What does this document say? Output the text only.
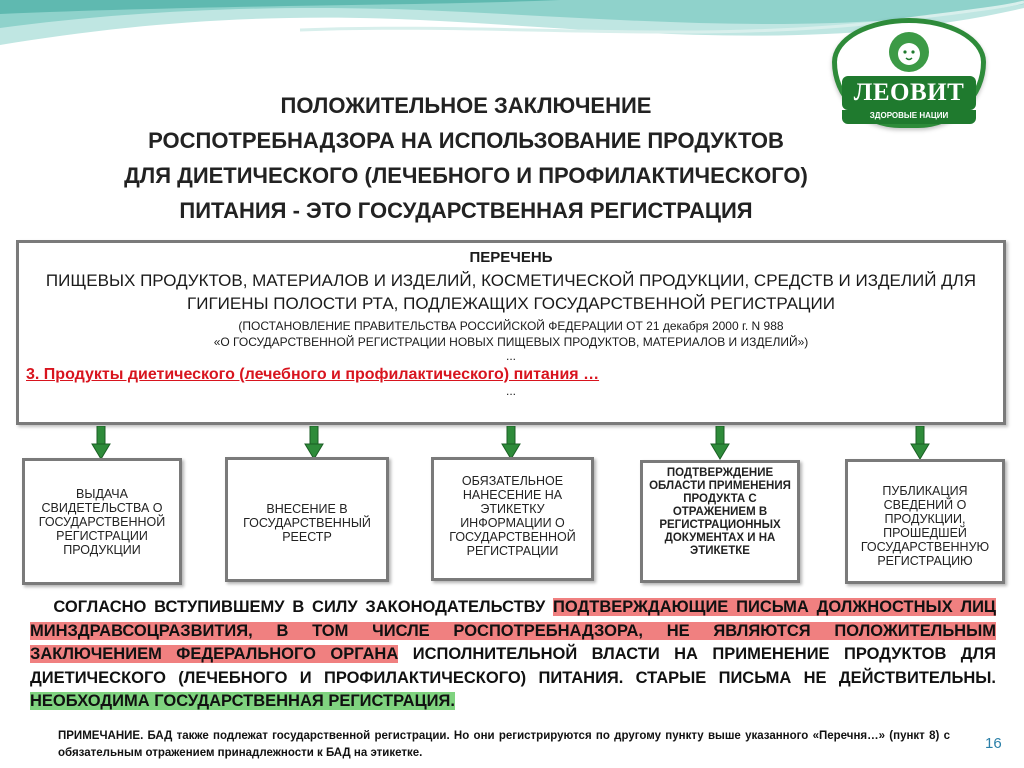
ЛЕОВИТ
ЗДОРОВЫЕ НАЦИИ
ПОЛОЖИТЕЛЬНОЕ ЗАКЛЮЧЕНИЕ
РОСПОТРЕБНАДЗОРА НА ИСПОЛЬЗОВАНИЕ ПРОДУКТОВ
ДЛЯ ДИЕТИЧЕСКОГО (ЛЕЧЕБНОГО И ПРОФИЛАКТИЧЕСКОГО)
ПИТАНИЯ - ЭТО ГОСУДАРСТВЕННАЯ РЕГИСТРАЦИЯ
ПЕРЕЧЕНЬ
ПИЩЕВЫХ ПРОДУКТОВ, МАТЕРИАЛОВ И ИЗДЕЛИЙ, КОСМЕТИЧЕСКОЙ ПРОДУКЦИИ, СРЕДСТВ И ИЗДЕЛИЙ ДЛЯ ГИГИЕНЫ ПОЛОСТИ РТА, ПОДЛЕЖАЩИХ ГОСУДАРСТВЕННОЙ РЕГИСТРАЦИИ
(ПОСТАНОВЛЕНИЕ ПРАВИТЕЛЬСТВА РОССИЙСКОЙ ФЕДЕРАЦИИ ОТ 21 декабря 2000 г. N 988
«О ГОСУДАРСТВЕННОЙ РЕГИСТРАЦИИ НОВЫХ ПИЩЕВЫХ ПРОДУКТОВ, МАТЕРИАЛОВ И ИЗДЕЛИЙ»)
...
3. Продукты диетического (лечебного и профилактического) питания …
...
ВЫДАЧА СВИДЕТЕЛЬСТВА О ГОСУДАРСТВЕННОЙ РЕГИСТРАЦИИ ПРОДУКЦИИ
ВНЕСЕНИЕ В ГОСУДАРСТВЕННЫЙ РЕЕСТР
ОБЯЗАТЕЛЬНОЕ НАНЕСЕНИЕ НА ЭТИКЕТКУ ИНФОРМАЦИИ О ГОСУДАРСТВЕННОЙ РЕГИСТРАЦИИ
ПОДТВЕРЖДЕНИЕ ОБЛАСТИ ПРИМЕНЕНИЯ ПРОДУКТА С ОТРАЖЕНИЕМ В РЕГИСТРАЦИОННЫХ ДОКУМЕНТАХ И НА ЭТИКЕТКЕ
ПУБЛИКАЦИЯ СВЕДЕНИЙ О ПРОДУКЦИИ, ПРОШЕДШЕЙ ГОСУДАРСТВЕННУЮ РЕГИСТРАЦИЮ
СОГЛАСНО ВСТУПИВШЕМУ В СИЛУ ЗАКОНОДАТЕЛЬСТВУ ПОДТВЕРЖДАЮЩИЕ ПИСЬМА ДОЛЖНОСТНЫХ ЛИЦ МИНЗДРАВСОЦРАЗВИТИЯ, В ТОМ ЧИСЛЕ РОСПОТРЕБНАДЗОРА, НЕ ЯВЛЯЮТСЯ ПОЛОЖИТЕЛЬНЫМ ЗАКЛЮЧЕНИЕМ ФЕДЕРАЛЬНОГО ОРГАНА ИСПОЛНИТЕЛЬНОЙ ВЛАСТИ НА ПРИМЕНЕНИЕ ПРОДУКТОВ ДЛЯ ДИЕТИЧЕСКОГО (ЛЕЧЕБНОГО И ПРОФИЛАКТИЧЕСКОГО) ПИТАНИЯ. СТАРЫЕ ПИСЬМА НЕ ДЕЙСТВИТЕЛЬНЫ. НЕОБХОДИМА ГОСУДАРСТВЕННАЯ РЕГИСТРАЦИЯ.
ПРИМЕЧАНИЕ. БАД также подлежат государственной регистрации. Но они регистрируются по другому пункту выше указанного «Перечня…» (пункт 8) с обязательным отражением принадлежности к БАД на этикетке.
16
